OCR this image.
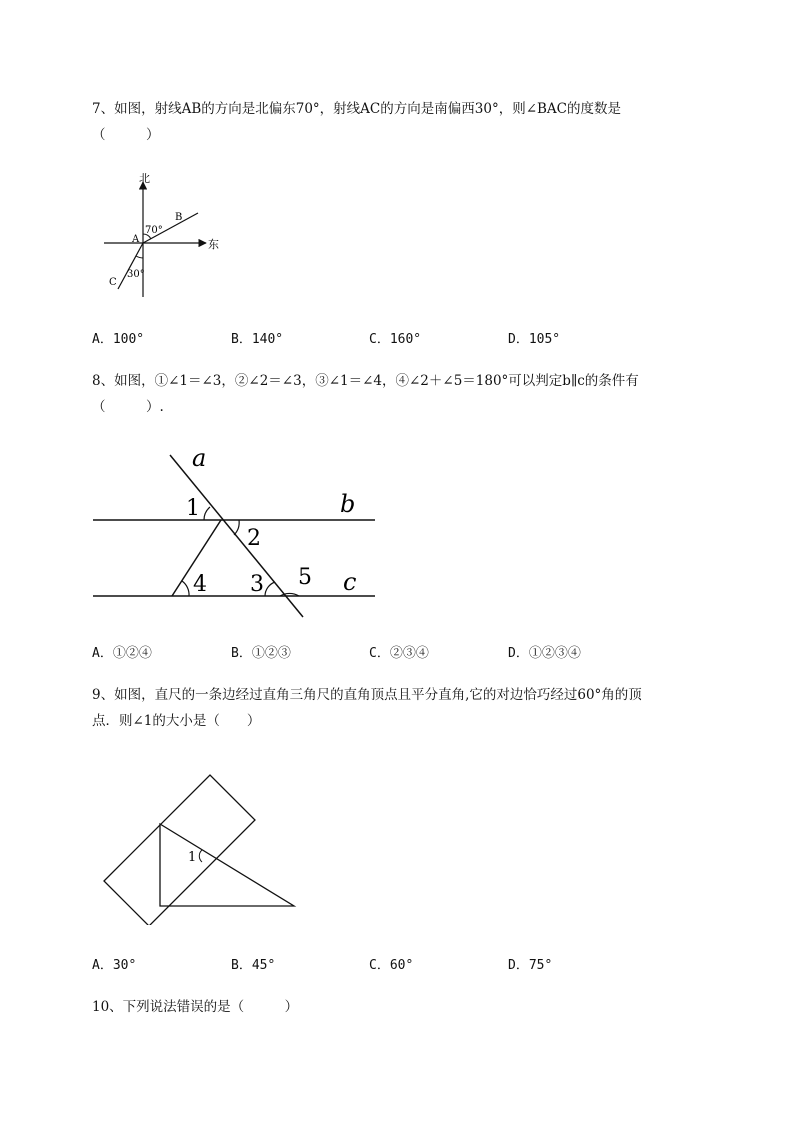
7、如图，射线AB的方向是北偏东70°，射线AC的方向是南偏西30°，则∠BAC的度数是
（　　　）
北
东
A
B
C
70°
30°
A．100°	B．140°	C．160°	D．105°
8、如图，①∠1＝∠3，②∠2＝∠3，③∠1＝∠4，④∠2＋∠5＝180°可以判定b∥c的条件有
（　　　）.
a
b
c
1
2
3
4	5
A．①②④	B．①②③	C．②③④	D．①②③④
9、如图，直尺的一条边经过直角三角尺的直角顶点且平分直角,它的对边恰巧经过60°角的顶
点．则∠1的大小是（　　）
1
A．30°	B．45°	C．60°	D．75°
10、下列说法错误的是（　　　）
